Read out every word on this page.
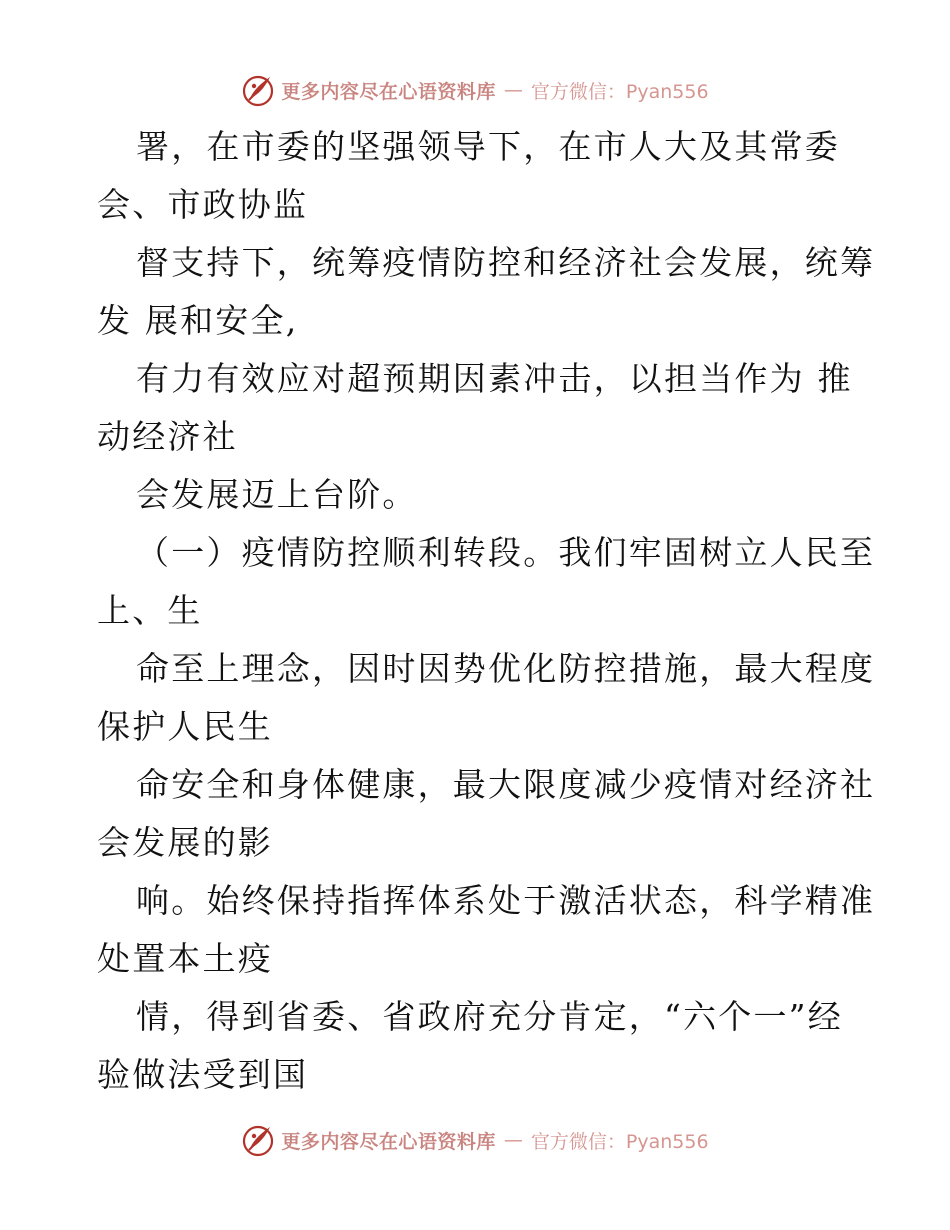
更多内容尽在心语资料库 — 官方微信：Pyan556
署，在市委的坚强领导下，在市人大及其常委
会、市政协监
督支持下，统筹疫情防控和经济社会发展，统筹
发 展和安全,
有力有效应对超预期因素冲击，以担当作为 推
动经济社
会发展迈上台阶。
（一）疫情防控顺利转段。我们牢固树立人民至
上、生
命至上理念，因时因势优化防控措施，最大程度
保护人民生
命安全和身体健康，最大限度减少疫情对经济社
会发展的影
响。始终保持指挥体系处于激活状态，科学精准
处置本土疫
情，得到省委、省政府充分肯定，“六个一”经
验做法受到国
更多内容尽在心语资料库 — 官方微信：Pyan556
